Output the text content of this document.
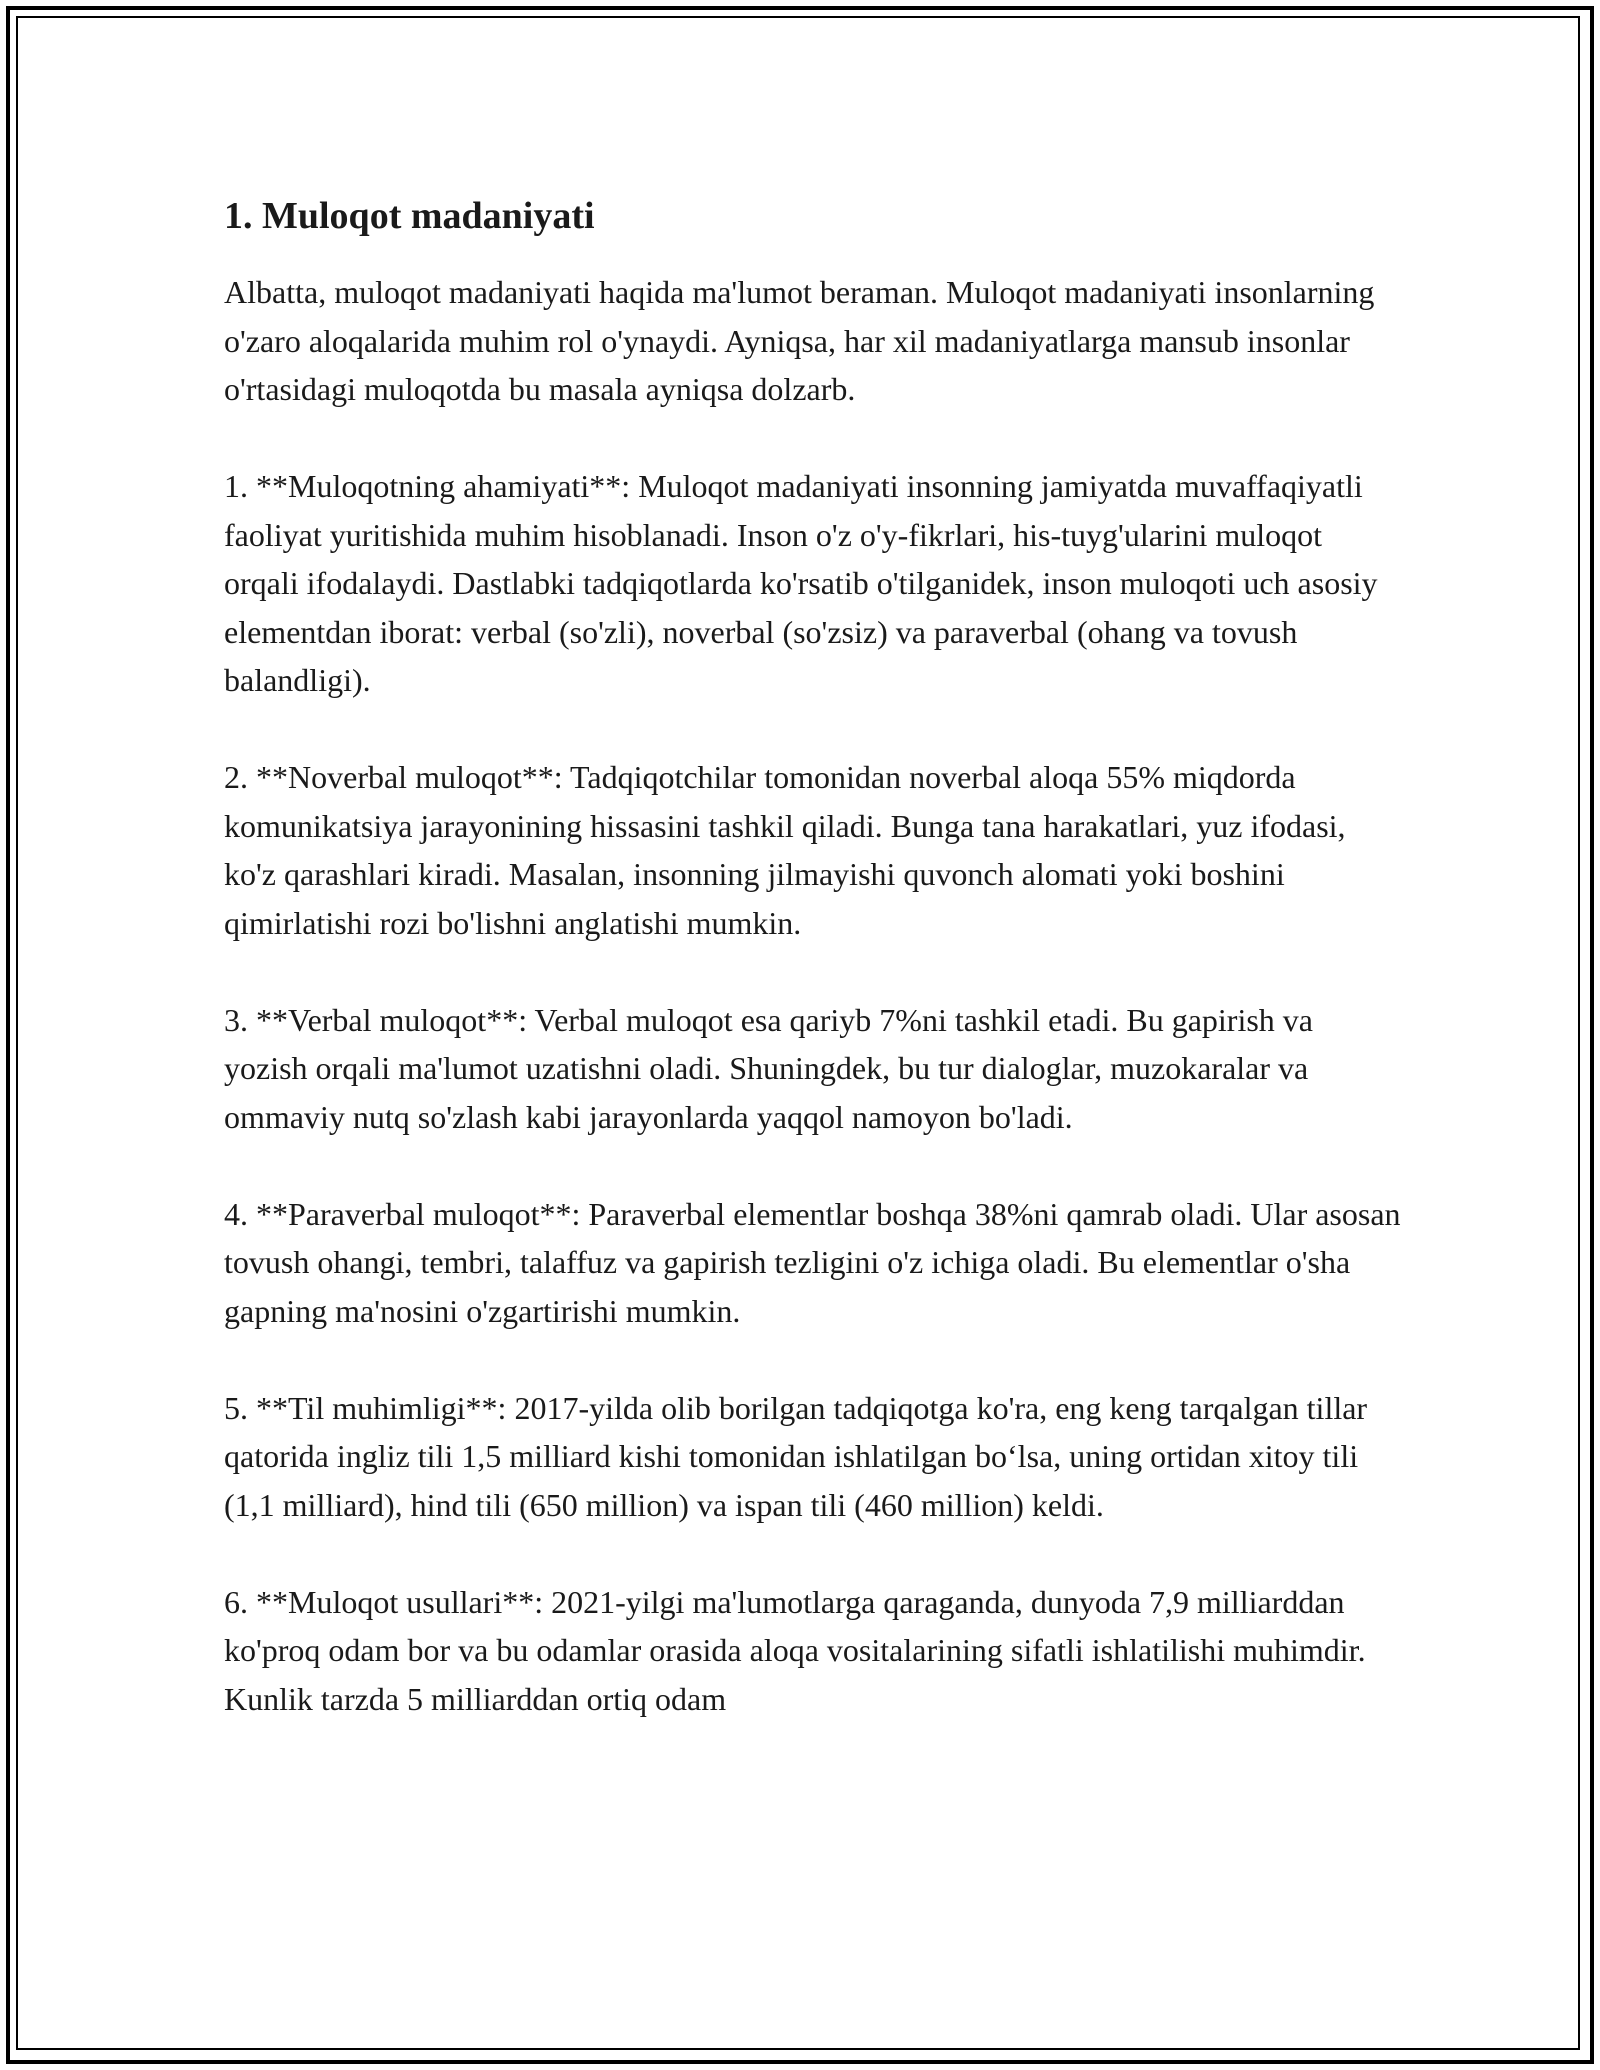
1. Muloqot madaniyati

Albatta, muloqot madaniyati haqida ma'lumot beraman. Muloqot madaniyati insonlarning o'zaro aloqalarida muhim rol o'ynaydi. Ayniqsa, har xil madaniyatlarga mansub insonlar o'rtasidagi muloqotda bu masala ayniqsa dolzarb.

1. **Muloqotning ahamiyati**: Muloqot madaniyati insonning jamiyatda muvaffaqiyatli faoliyat yuritishida muhim hisoblanadi. Inson o'z o'y-fikrlari, his-tuyg'ularini muloqot orqali ifodalaydi. Dastlabki tadqiqotlarda ko'rsatib o'tilganidek, inson muloqoti uch asosiy elementdan iborat: verbal (so'zli), noverbal (so'zsiz) va paraverbal (ohang va tovush balandligi).

2. **Noverbal muloqot**: Tadqiqotchilar tomonidan noverbal aloqa 55% miqdorda komunikatsiya jarayonining hissasini tashkil qiladi. Bunga tana harakatlari, yuz ifodasi, ko'z qarashlari kiradi. Masalan, insonning jilmayishi quvonch alomati yoki boshini qimirlatishi rozi bo'lishni anglatishi mumkin.

3. **Verbal muloqot**: Verbal muloqot esa qariyb 7%ni tashkil etadi. Bu gapirish va yozish orqali ma'lumot uzatishni oladi. Shuningdek, bu tur dialoglar, muzokaralar va ommaviy nutq so'zlash kabi jarayonlarda yaqqol namoyon bo'ladi.

4. **Paraverbal muloqot**: Paraverbal elementlar boshqa 38%ni qamrab oladi. Ular asosan tovush ohangi, tembri, talaffuz va gapirish tezligini o'z ichiga oladi. Bu elementlar o'sha gapning ma'nosini o'zgartirishi mumkin.

5. **Til muhimligi**: 2017-yilda olib borilgan tadqiqotga ko'ra, eng keng tarqalgan tillar qatorida ingliz tili 1,5 milliard kishi tomonidan ishlatilgan bo‘lsa, uning ortidan xitoy tili (1,1 milliard), hind tili (650 million) va ispan tili (460 million) keldi.

6. **Muloqot usullari**: 2021-yilgi ma'lumotlarga qaraganda, dunyoda 7,9 milliarddan ko'proq odam bor va bu odamlar orasida aloqa vositalarining sifatli ishlatilishi muhimdir. Kunlik tarzda 5 milliarddan ortiq odam
